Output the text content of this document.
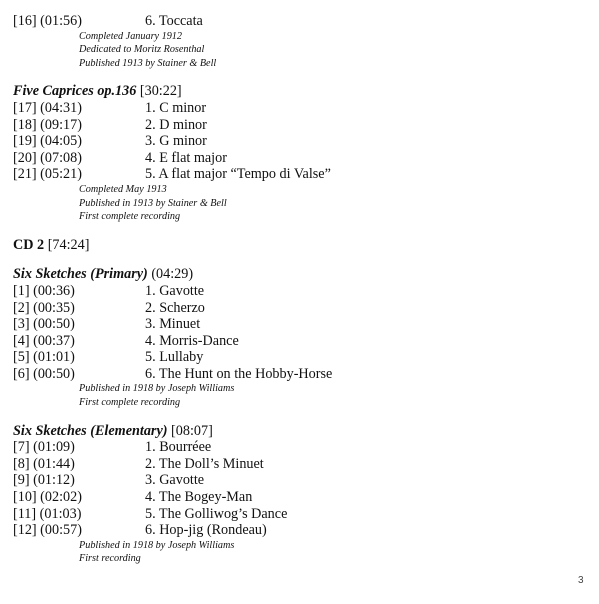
[16] (01:56)	6. Toccata
Completed January 1912
Dedicated to Moritz Rosenthal
Published 1913 by Stainer & Bell
Five Caprices op.136 [30:22]
[17] (04:31)	1. C minor
[18] (09:17)	2. D minor
[19] (04:05)	3. G minor
[20] (07:08)	4. E flat major
[21] (05:21)	5. A flat major “Tempo di Valse”
Completed May 1913
Published in 1913 by Stainer & Bell
First complete recording
CD 2 [74:24]
Six Sketches (Primary) (04:29)
[1] (00:36)	1. Gavotte
[2] (00:35)	2. Scherzo
[3] (00:50)	3. Minuet
[4] (00:37)	4. Morris-Dance
[5] (01:01)	5. Lullaby
[6] (00:50)	6. The Hunt on the Hobby-Horse
Published in 1918 by Joseph Williams
First complete recording
Six Sketches (Elementary) [08:07]
[7] (01:09)	1. Bourréee
[8] (01:44)	2. The Doll’s Minuet
[9] (01:12)	3. Gavotte
[10] (02:02)	4. The Bogey-Man
[11] (01:03)	5. The Golliwog’s Dance
[12] (00:57)	6. Hop-jig (Rondeau)
Published in 1918 by Joseph Williams
First recording
3
